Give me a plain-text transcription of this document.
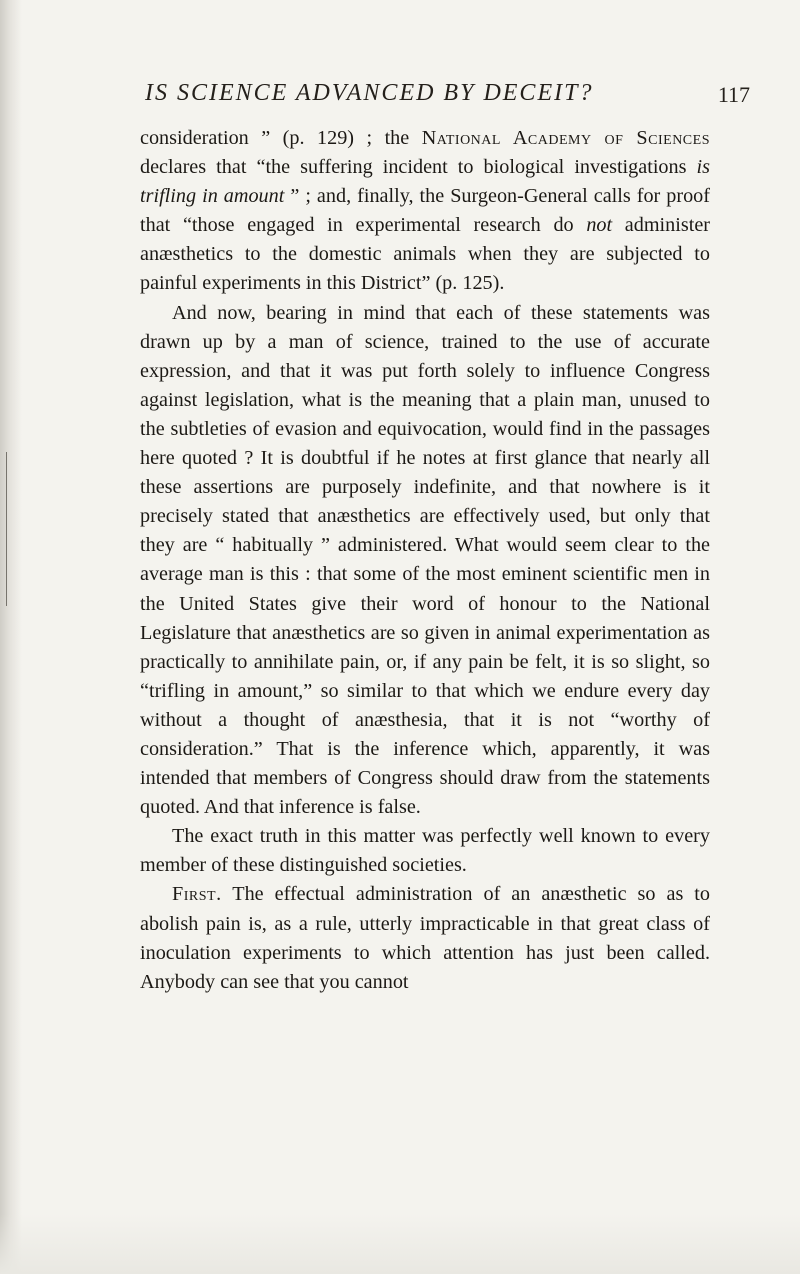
IS SCIENCE ADVANCED BY DECEIT?	117

consideration ” (p. 129) ; the National Academy of Sciences declares that “the suffering incident to biological investigations is trifling in amount ” ; and, finally, the Surgeon-General calls for proof that “those engaged in experimental research do not administer anæsthetics to the domestic animals when they are subjected to painful experiments in this District” (p. 125).

And now, bearing in mind that each of these statements was drawn up by a man of science, trained to the use of accurate expression, and that it was put forth solely to influence Congress against legislation, what is the meaning that a plain man, unused to the subtleties of evasion and equivocation, would find in the passages here quoted ? It is doubtful if he notes at first glance that nearly all these assertions are purposely indefinite, and that nowhere is it precisely stated that anæsthetics are effectively used, but only that they are “ habitually ” administered. What would seem clear to the average man is this : that some of the most eminent scientific men in the United States give their word of honour to the National Legislature that anæsthetics are so given in animal experimentation as practically to annihilate pain, or, if any pain be felt, it is so slight, so “trifling in amount,” so similar to that which we endure every day without a thought of anæsthesia, that it is not “worthy of consideration.” That is the inference which, apparently, it was intended that members of Congress should draw from the statements quoted. And that inference is false.

The exact truth in this matter was perfectly well known to every member of these distinguished societies.

First. The effectual administration of an anæsthetic so as to abolish pain is, as a rule, utterly impracticable in that great class of inoculation experiments to which attention has just been called. Anybody can see that you cannot
